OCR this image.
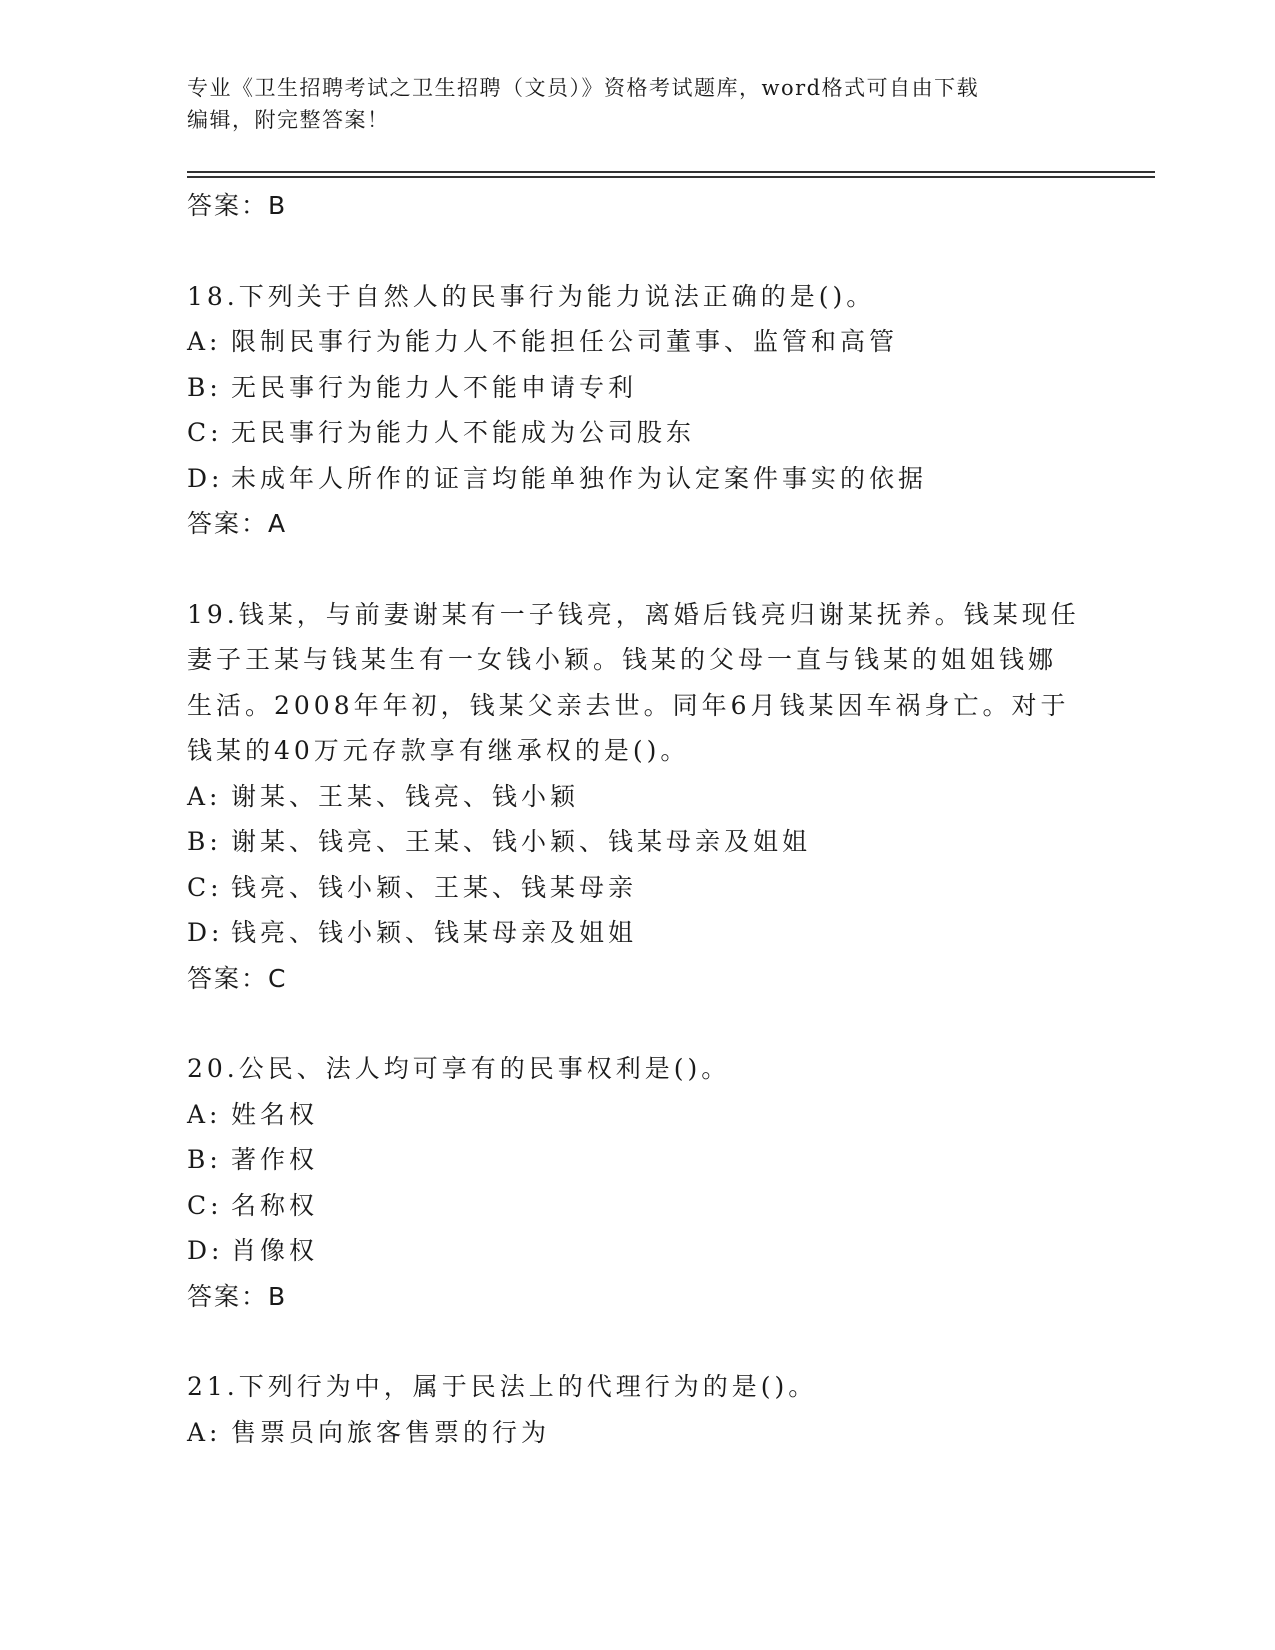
专业《卫生招聘考试之卫生招聘（文员）》资格考试题库，word格式可自由下载
编辑，附完整答案！
答案：B
18.下列关于自然人的民事行为能力说法正确的是()。
A: 限制民事行为能力人不能担任公司董事、监管和高管
B: 无民事行为能力人不能申请专利
C: 无民事行为能力人不能成为公司股东
D: 未成年人所作的证言均能单独作为认定案件事实的依据
答案：A
19.钱某，与前妻谢某有一子钱亮，离婚后钱亮归谢某抚养。钱某现任
妻子王某与钱某生有一女钱小颖。钱某的父母一直与钱某的姐姐钱娜
生活。2008年年初，钱某父亲去世。同年6月钱某因车祸身亡。对于
钱某的40万元存款享有继承权的是()。
A: 谢某、王某、钱亮、钱小颖
B: 谢某、钱亮、王某、钱小颖、钱某母亲及姐姐
C: 钱亮、钱小颖、王某、钱某母亲
D: 钱亮、钱小颖、钱某母亲及姐姐
答案：C
20.公民、法人均可享有的民事权利是()。
A: 姓名权
B: 著作权
C: 名称权
D: 肖像权
答案：B
21.下列行为中，属于民法上的代理行为的是()。
A: 售票员向旅客售票的行为
